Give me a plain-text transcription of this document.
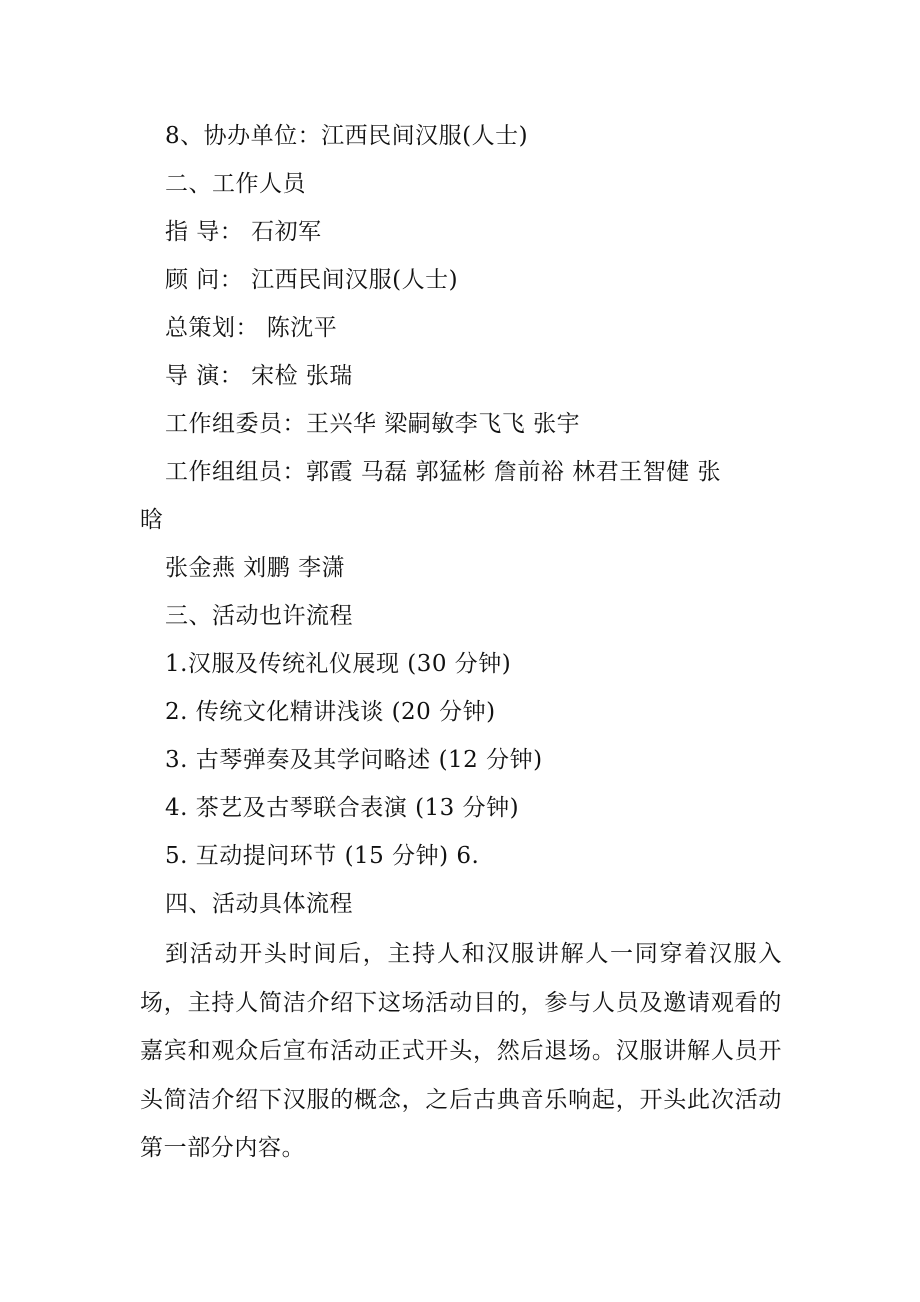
8、协办单位：江西民间汉服(人士)
二、工作人员
指 导： 石初军
顾 问： 江西民间汉服(人士)
总策划： 陈沈平
导 演： 宋检 张瑞
工作组委员：王兴华 梁嗣敏李飞飞 张宇
工作组组员：郭霞 马磊 郭猛彬 詹前裕 林君王智健 张
晗
张金燕 刘鹏 李潇
三、活动也许流程
1.汉服及传统礼仪展现 (30 分钟)
2. 传统文化精讲浅谈 (20 分钟)
3. 古琴弹奏及其学问略述 (12 分钟)
4. 茶艺及古琴联合表演 (13 分钟)
5. 互动提问环节 (15 分钟) 6.
四、活动具体流程
到活动开头时间后，主持人和汉服讲解人一同穿着汉服入场，主持人简洁介绍下这场活动目的，参与人员及邀请观看的嘉宾和观众后宣布活动正式开头，然后退场。汉服讲解人员开头简洁介绍下汉服的概念，之后古典音乐响起，开头此次活动第一部分内容。
